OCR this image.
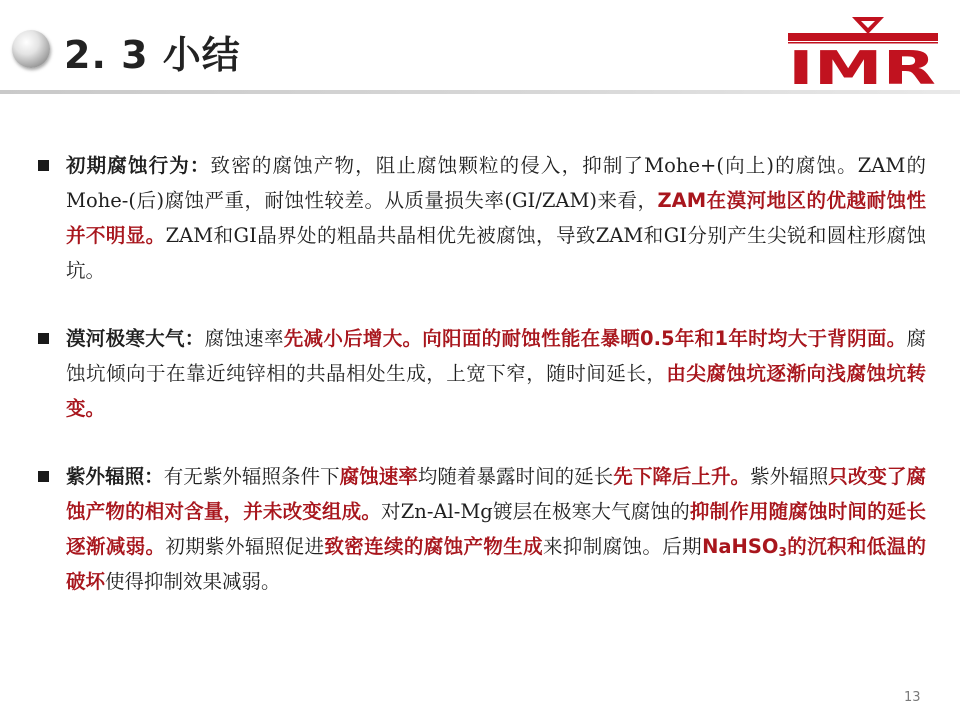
2. 3 小结	IMR

初期腐蚀行为：致密的腐蚀产物，阻止腐蚀颗粒的侵入，抑制了Mohe+(向上)的腐蚀。ZAM的Mohe-(后)腐蚀严重，耐蚀性较差。从质量损失率(GI/ZAM)来看，ZAM在漠河地区的优越耐蚀性并不明显。ZAM和GI晶界处的粗晶共晶相优先被腐蚀，导致ZAM和GI分别产生尖锐和圆柱形腐蚀坑。

漠河极寒大气：腐蚀速率先减小后增大。向阳面的耐蚀性能在暴晒0.5年和1年时均大于背阴面。腐蚀坑倾向于在靠近纯锌相的共晶相处生成，上宽下窄，随时间延长，由尖腐蚀坑逐渐向浅腐蚀坑转变。

紫外辐照：有无紫外辐照条件下腐蚀速率均随着暴露时间的延长先下降后上升。紫外辐照只改变了腐蚀产物的相对含量，并未改变组成。对Zn-Al-Mg镀层在极寒大气腐蚀的抑制作用随腐蚀时间的延长逐渐减弱。初期紫外辐照促进致密连续的腐蚀产物生成来抑制腐蚀。后期NaHSO$_3$的沉积和低温的破坏使得抑制效果减弱。

13
